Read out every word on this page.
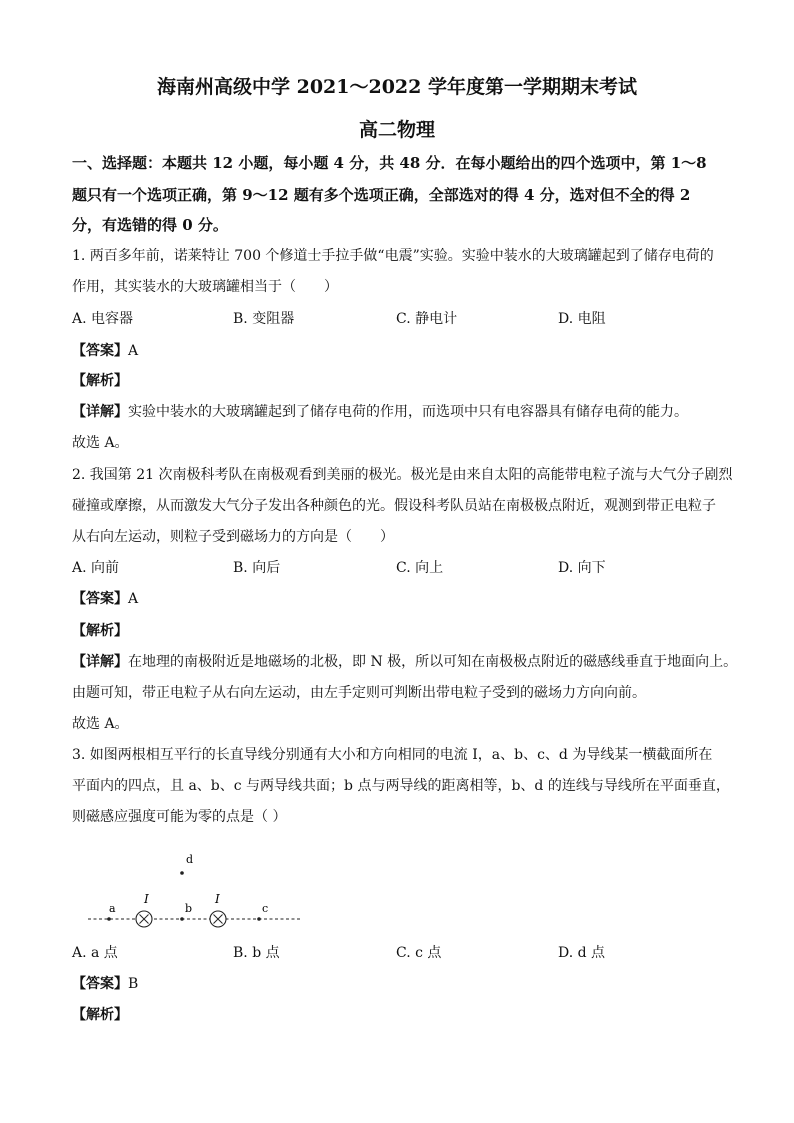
海南州高级中学 2021～2022 学年度第一学期期末考试
高二物理
一、选择题：本题共 12 小题，每小题 4 分，共 48 分．在每小题给出的四个选项中，第 1～8
题只有一个选项正确，第 9～12 题有多个选项正确，全部选对的得 4 分，选对但不全的得 2
分，有选错的得 0 分。
1. 两百多年前，诺莱特让 700 个修道士手拉手做“电震”实验。实验中装水的大玻璃罐起到了储存电荷的
作用，其实装水的大玻璃罐相当于（　　）
A. 电容器	B. 变阻器	C. 静电计	D. 电阻
【答案】A
【解析】
【详解】实验中装水的大玻璃罐起到了储存电荷的作用，而选项中只有电容器具有储存电荷的能力。
故选 A。
2. 我国第 21 次南极科考队在南极观看到美丽的极光。极光是由来自太阳的高能带电粒子流与大气分子剧烈
碰撞或摩擦，从而激发大气分子发出各种颜色的光。假设科考队员站在南极极点附近，观测到带正电粒子
从右向左运动，则粒子受到磁场力的方向是（　　）
A. 向前	B. 向后	C. 向上	D. 向下
【答案】A
【解析】
【详解】在地理的南极附近是地磁场的北极，即 N 极，所以可知在南极极点附近的磁感线垂直于地面向上。
由题可知，带正电粒子从右向左运动，由左手定则可判断出带电粒子受到的磁场力方向向前。
故选 A。
3. 如图两根相互平行的长直导线分别通有大小和方向相同的电流 I，a、b、c、d 为导线某一横截面所在
平面内的四点，且 a、b、c 与两导线共面；b 点与两导线的距离相等，b、d 的连线与导线所在平面垂直，
则磁感应强度可能为零的点是（ ）
d
a
I
b
I
c
A. a 点	B. b 点	C. c 点	D. d 点
【答案】B
【解析】
